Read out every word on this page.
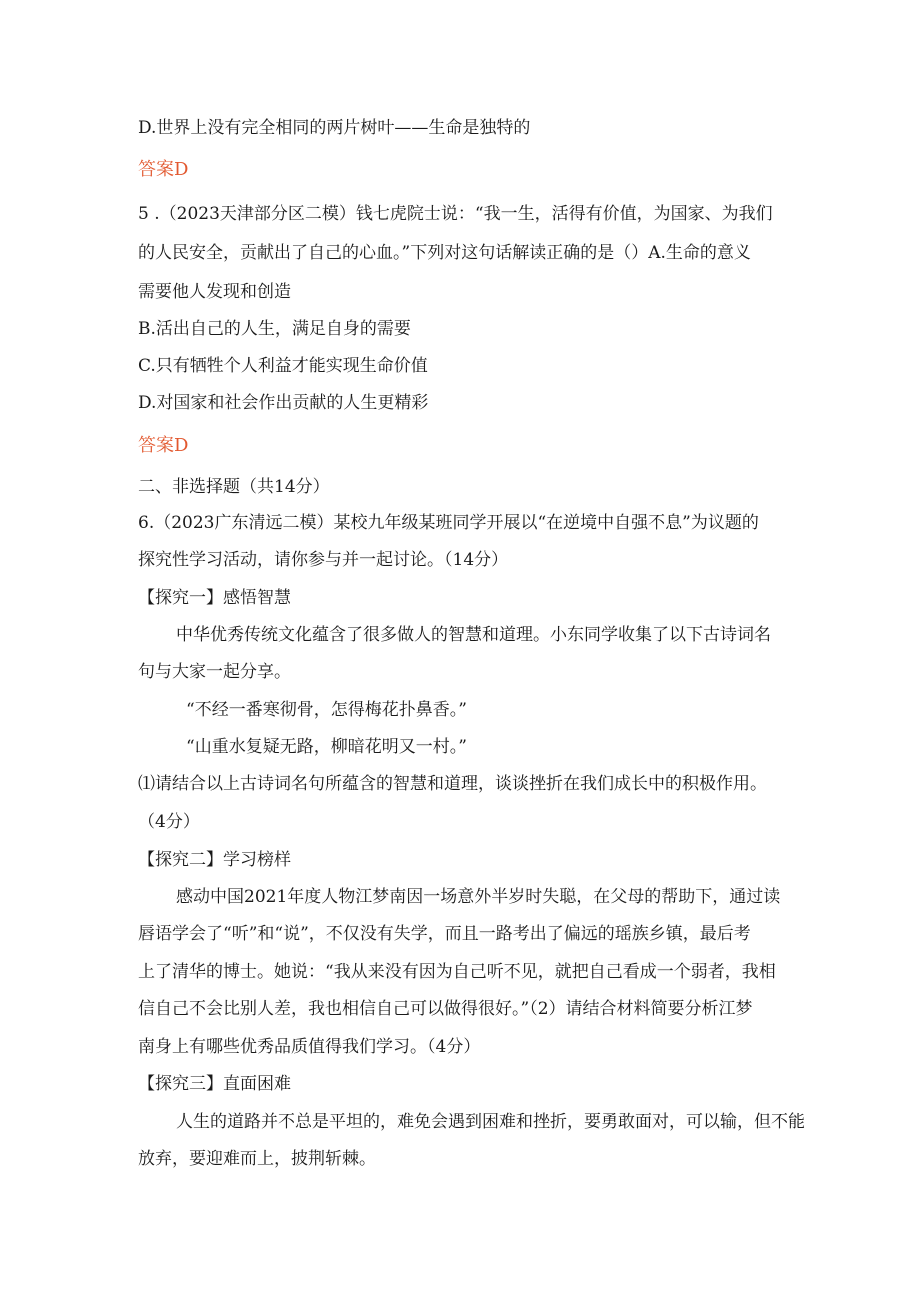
D.世界上没有完全相同的两片树叶——生命是独特的
答案D
5 .（2023天津部分区二模）钱七虎院士说：“我一生，活得有价值，为国家、为我们
的人民安全，贡献出了自己的心血。”下列对这句话解读正确的是（）A.生命的意义
需要他人发现和创造
B.活出自己的人生，满足自身的需要
C.只有牺牲个人利益才能实现生命价值
D.对国家和社会作出贡献的人生更精彩
答案D
二、非选择题（共14分）
6.（2023广东清远二模）某校九年级某班同学开展以“在逆境中自强不息”为议题的
探究性学习活动，请你参与并一起讨论。（14分）
【探究一】感悟智慧
中华优秀传统文化蕴含了很多做人的智慧和道理。小东同学收集了以下古诗词名
句与大家一起分享。
“不经一番寒彻骨，怎得梅花扑鼻香。”
“山重水复疑无路，柳暗花明又一村。”
⑴请结合以上古诗词名句所蕴含的智慧和道理，谈谈挫折在我们成长中的积极作用。
（4分）
【探究二】学习榜样
感动中国2021年度人物江梦南因一场意外半岁时失聪，在父母的帮助下，通过读
唇语学会了“听”和“说”，不仅没有失学，而且一路考出了偏远的瑶族乡镇，最后考
上了清华的博士。她说：“我从来没有因为自己听不见，就把自己看成一个弱者，我相
信自己不会比别人差，我也相信自己可以做得很好。”（2）请结合材料简要分析江梦
南身上有哪些优秀品质值得我们学习。（4分）
【探究三】直面困难
人生的道路并不总是平坦的，难免会遇到困难和挫折，要勇敢面对，可以输，但不能
放弃，要迎难而上，披荆斩棘。
